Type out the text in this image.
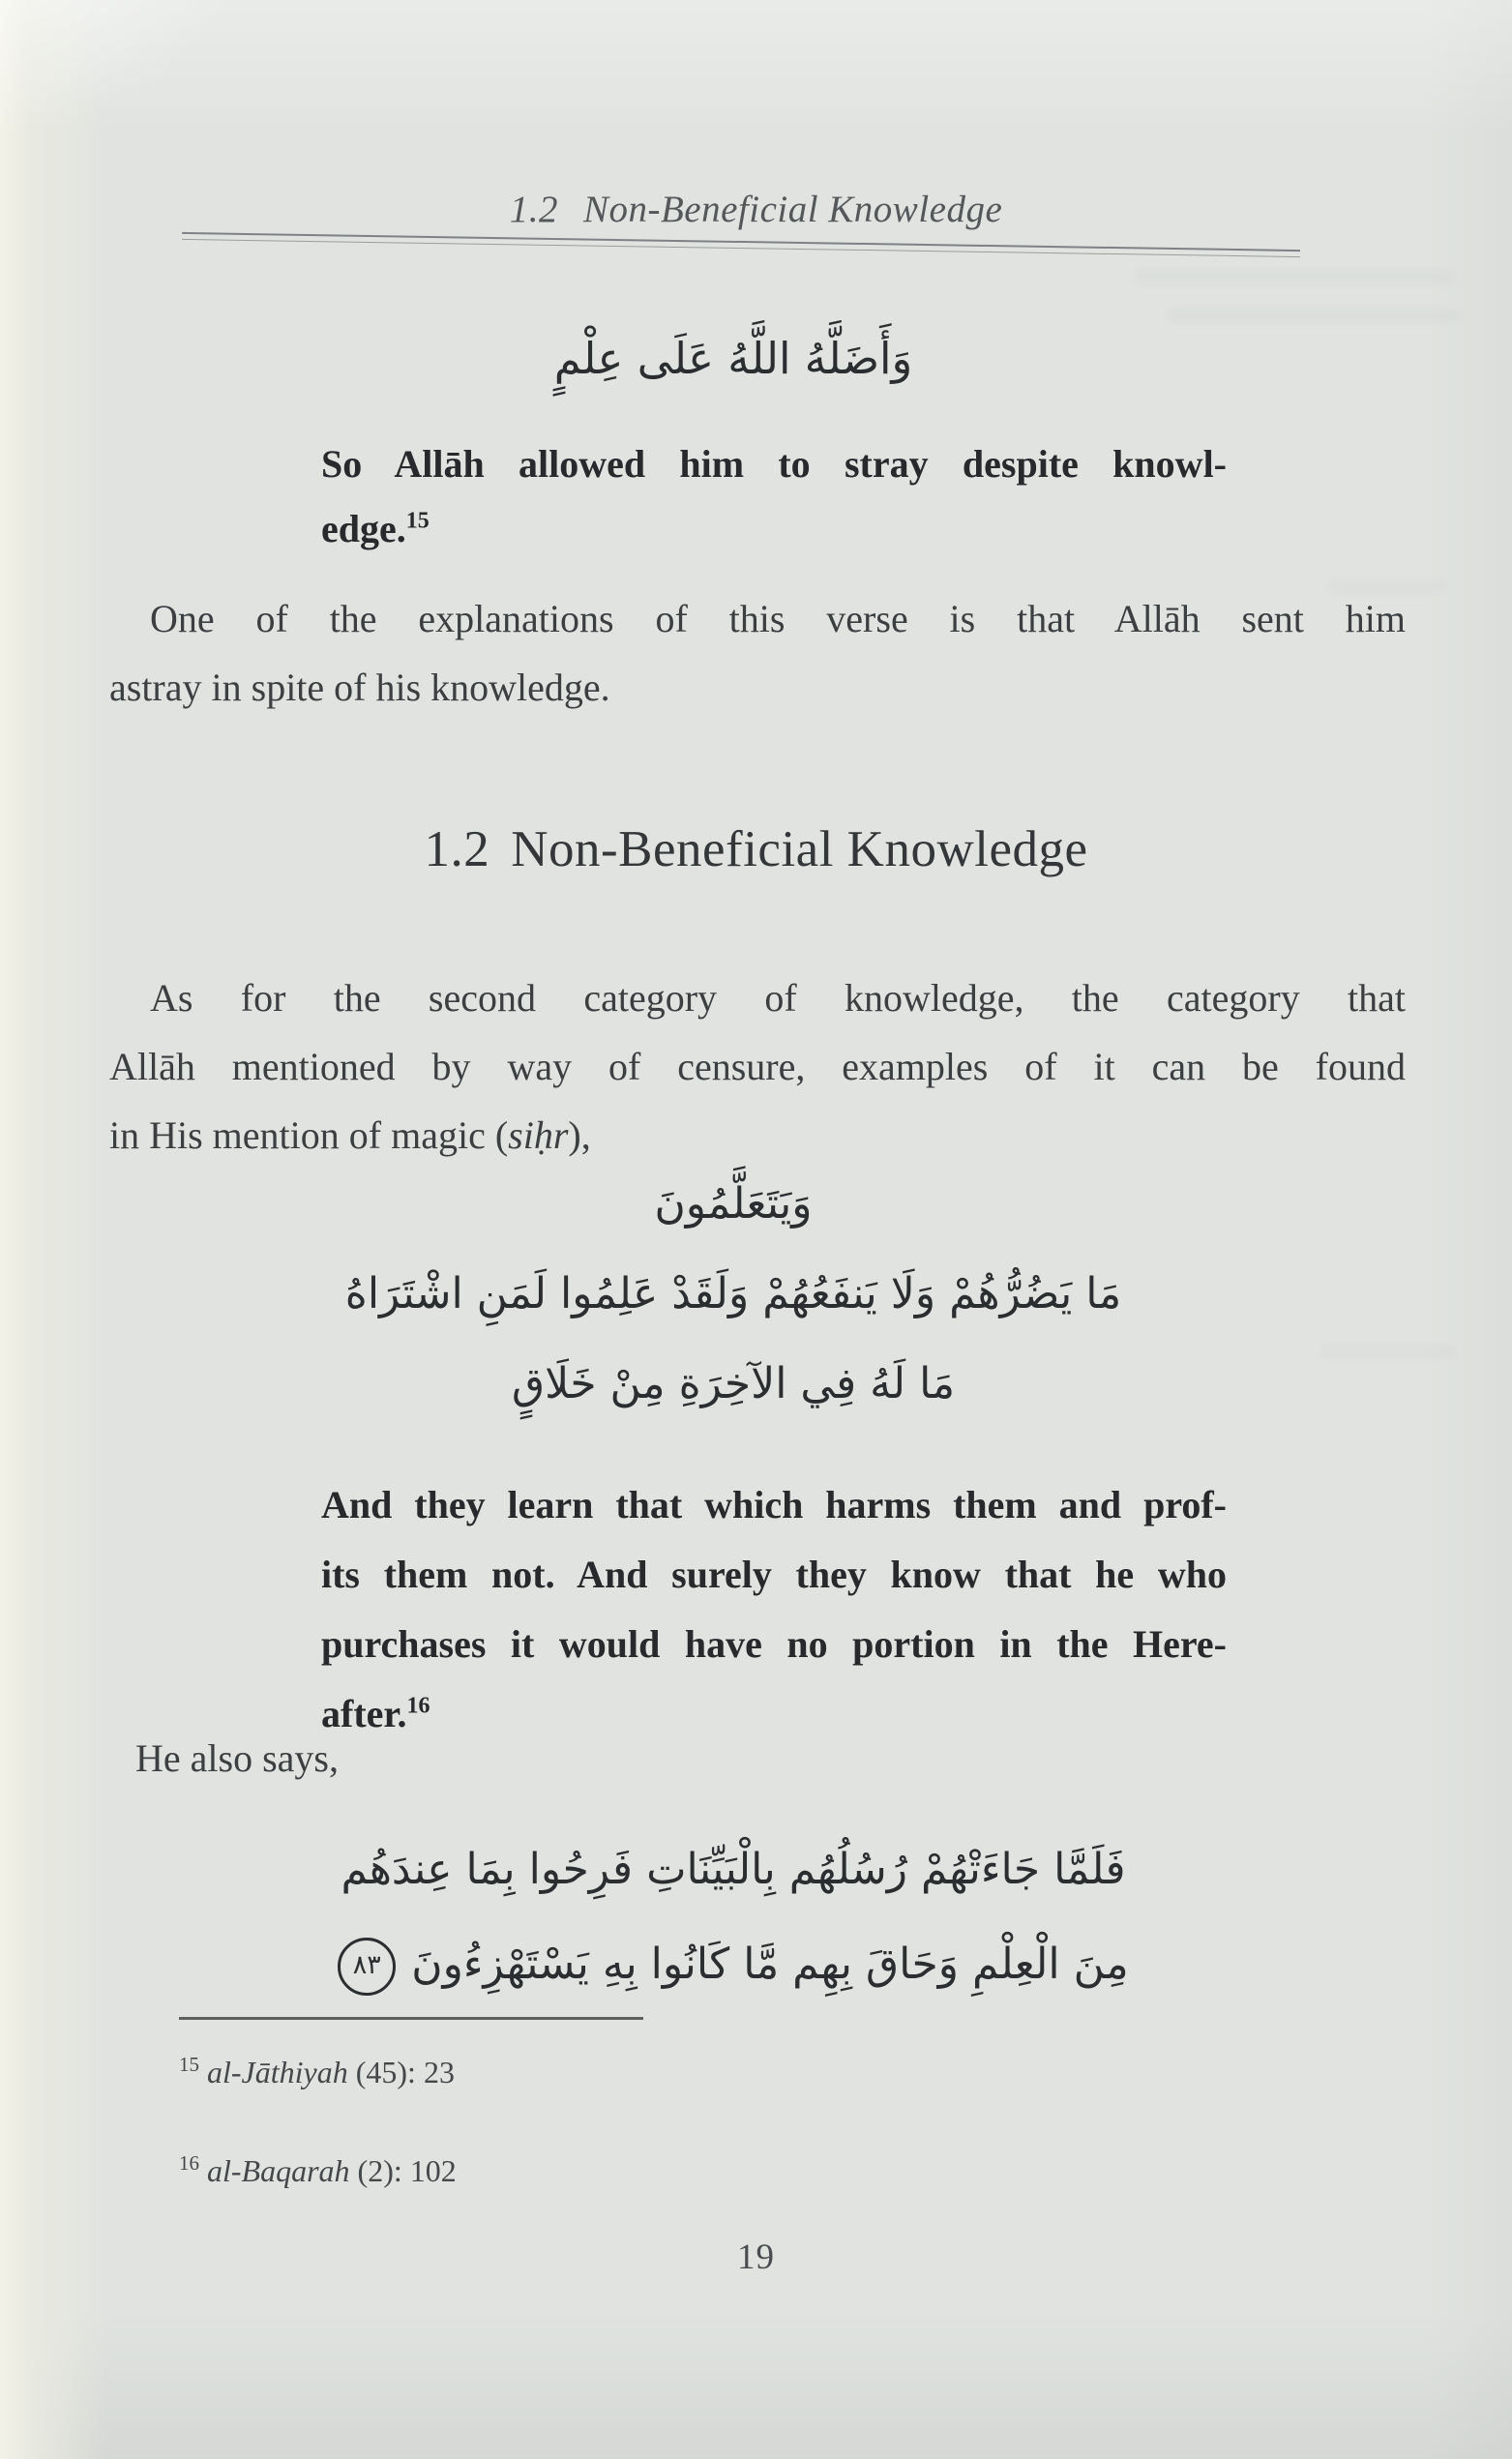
1.2 Non-Beneficial Knowledge
وَأَضَلَّهُ اللَّهُ عَلَى عِلْمٍ
So Allāh allowed him to stray despite knowl-
edge.$^{15}$
One of the explanations of this verse is that Allāh sent him
astray in spite of his knowledge.
1.2 Non-Beneficial Knowledge
As for the second category of knowledge, the category that
Allāh mentioned by way of censure, examples of it can be found
in His mention of magic (siḥr),
وَيَتَعَلَّمُونَ
مَا يَضُرُّهُمْ وَلَا يَنفَعُهُمْ وَلَقَدْ عَلِمُوا لَمَنِ اشْتَرَاهُ
مَا لَهُ فِي الآخِرَةِ مِنْ خَلَاقٍ
And they learn that which harms them and prof-
its them not. And surely they know that he who
purchases it would have no portion in the Here-
after.$^{16}$
He also says,
فَلَمَّا جَاءَتْهُمْ رُسُلُهُم بِالْبَيِّنَاتِ فَرِحُوا بِمَا عِندَهُم
مِنَ الْعِلْمِ وَحَاقَ بِهِم مَّا كَانُوا بِهِ يَسْتَهْزِءُونَ٨٣
$^{15}$ al-Jāthiyah (45): 23
$^{16}$ al-Baqarah (2): 102
19
